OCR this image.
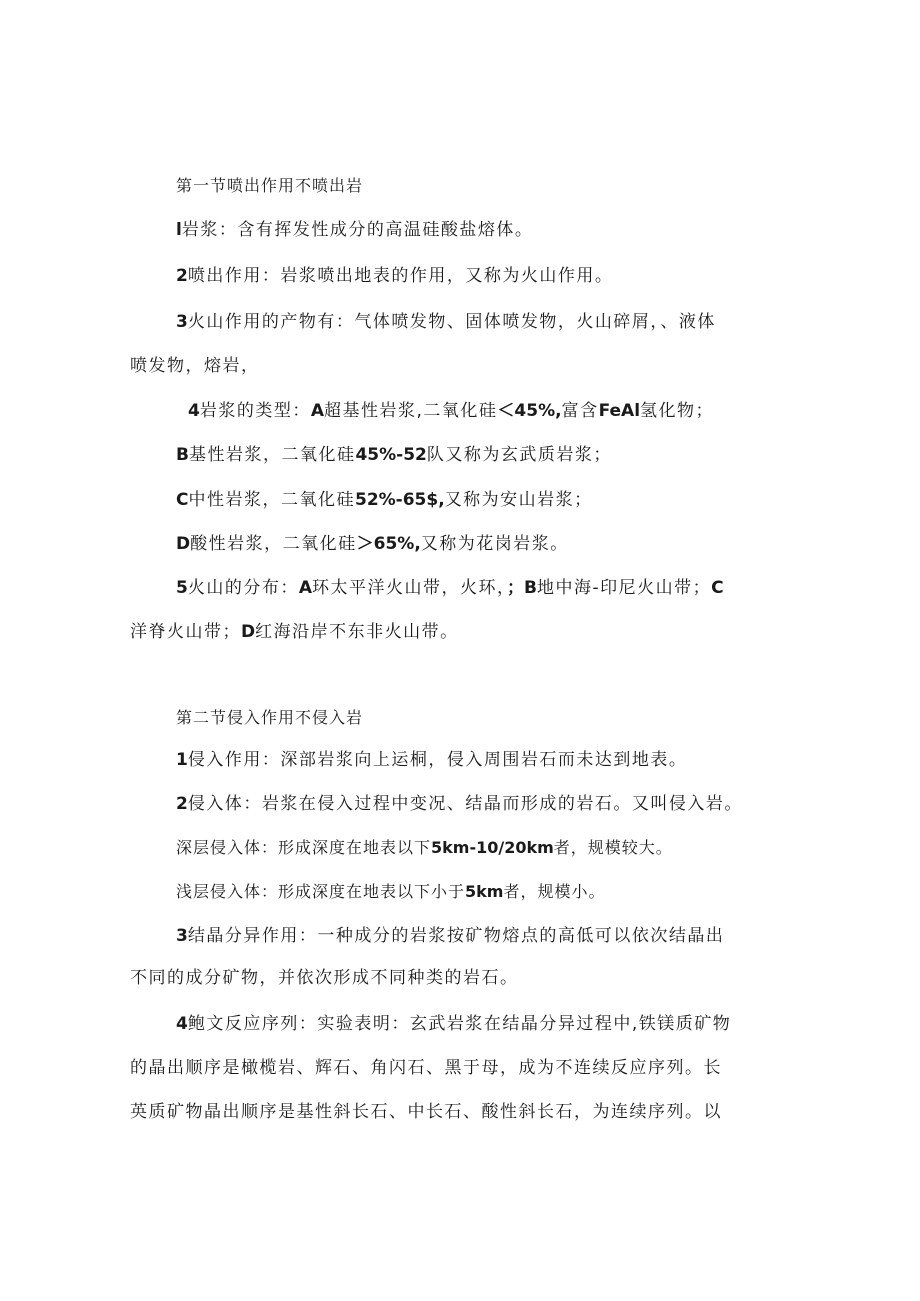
第一节喷出作用不喷出岩
l岩浆：含有挥发性成分的高温硅酸盐熔体。
2喷出作用：岩浆喷出地表的作用，又称为火山作用。
3火山作用的产物有：气体喷发物、固体喷发物，火山碎屑，、液体
喷发物，熔岩，
4岩浆的类型：A超基性岩浆,二氧化硅＜45%,富含FeAl氢化物；
B基性岩浆，二氧化硅45%-52队又称为玄武质岩浆；
C中性岩浆，二氧化硅52%-65$,又称为安山岩浆；
D酸性岩浆，二氧化硅＞65%,又称为花岗岩浆。
5火山的分布：A环太平洋火山带，火环，；B地中海-印尼火山带；C
洋脊火山带；D红海沿岸不东非火山带。
第二节侵入作用不侵入岩
1侵入作用：深部岩浆向上运桐，侵入周围岩石而未达到地表。
2侵入体：岩浆在侵入过程中变况、结晶而形成的岩石。又叫侵入岩。
深层侵入体：形成深度在地表以下5km-10/20km者，规模较大。
浅层侵入体：形成深度在地表以下小于5km者，规模小。
3结晶分异作用：一种成分的岩浆按矿物熔点的高低可以依次结晶出
不同的成分矿物，并依次形成不同种类的岩石。
4鲍文反应序列：实验表明：玄武岩浆在结晶分异过程中,铁镁质矿物
的晶出顺序是橄榄岩、辉石、角闪石、黑于母，成为不连续反应序列。长
英质矿物晶出顺序是基性斜长石、中长石、酸性斜长石，为连续序列。以
